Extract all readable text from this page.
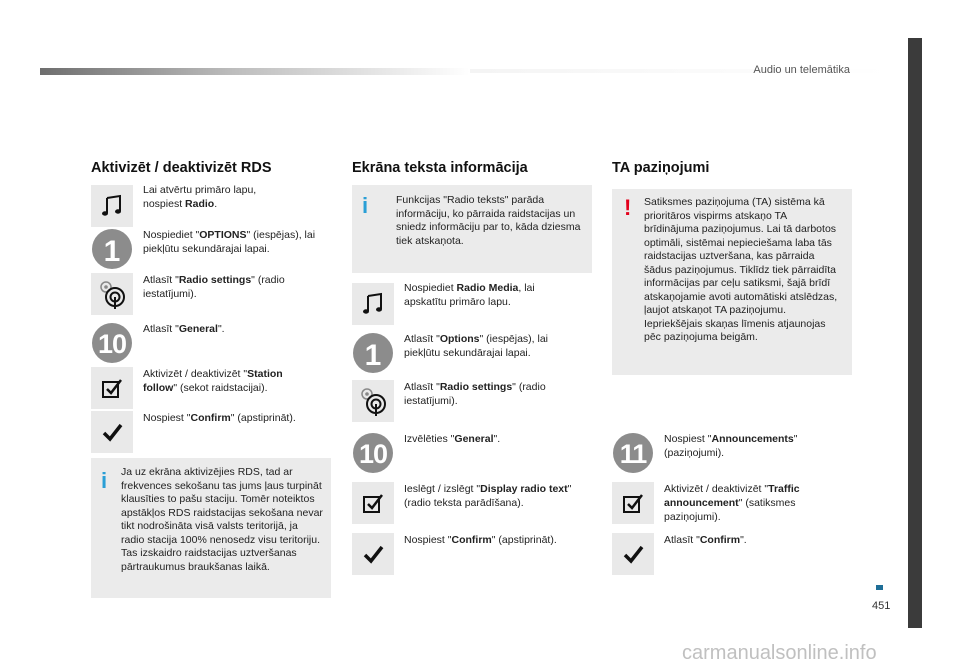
Audio un telemātika
451
carmanualsonline.info
Aktivizēt / deaktivizēt RDS
Lai atvērtu primāro lapu,
nospiest Radio.
1	Nospiediet "OPTIONS" (iespējas), lai piekļūtu sekundārajai lapai.
Atlasīt "Radio settings" (radio iestatījumi).
10	Atlasīt "General".
Aktivizēt / deaktivizēt "Station follow" (sekot raidstacijai).
Nospiest "Confirm" (apstiprināt).
i Ja uz ekrāna aktivizējies RDS, tad ar frekvences sekošanu tas jums ļaus turpināt klausīties to pašu staciju. Tomēr noteiktos apstākļos RDS raidstacijas sekošana nevar tikt nodrošināta visā valsts teritorijā, ja radio stacija 100% nenosedz visu teritoriju. Tas izskaidro raidstacijas uztveršanas pārtraukumus braukšanas laikā.
Ekrāna teksta informācija
i	Funkcijas "Radio teksts" parāda informāciju, ko pārraida raidstacijas un sniedz informāciju par to, kāda dziesma tiek atskaņota.
Nospiediet Radio Media, lai apskatītu primāro lapu.
1	Atlasīt "Options" (iespējas), lai piekļūtu sekundārajai lapai.
Atlasīt "Radio settings" (radio iestatījumi).
10	Izvēlēties "General".
Ieslēgt / izslēgt "Display radio text" (radio teksta parādīšana).
Nospiest "Confirm" (apstiprināt).
TA paziņojumi
! Satiksmes paziņojuma (TA) sistēma kā prioritāros vispirms atskaņo TA brīdinājuma paziņojumus. Lai tā darbotos optimāli, sistēmai nepieciešama laba tās raidstacijas uztveršana, kas pārraida šādus paziņojumus. Tiklīdz tiek pārraidīta informācijas par ceļu satiksmi, šajā brīdī atskaņojamie avoti automātiski atslēdzas, ļaujot atskaņot TA paziņojumu. Iepriekšējais skaņas līmenis atjaunojas pēc paziņojuma beigām.
11	Nospiest "Announcements" (paziņojumi).
Aktivizēt / deaktivizēt "Traffic announcement" (satiksmes paziņojumi).
Atlasīt "Confirm".
